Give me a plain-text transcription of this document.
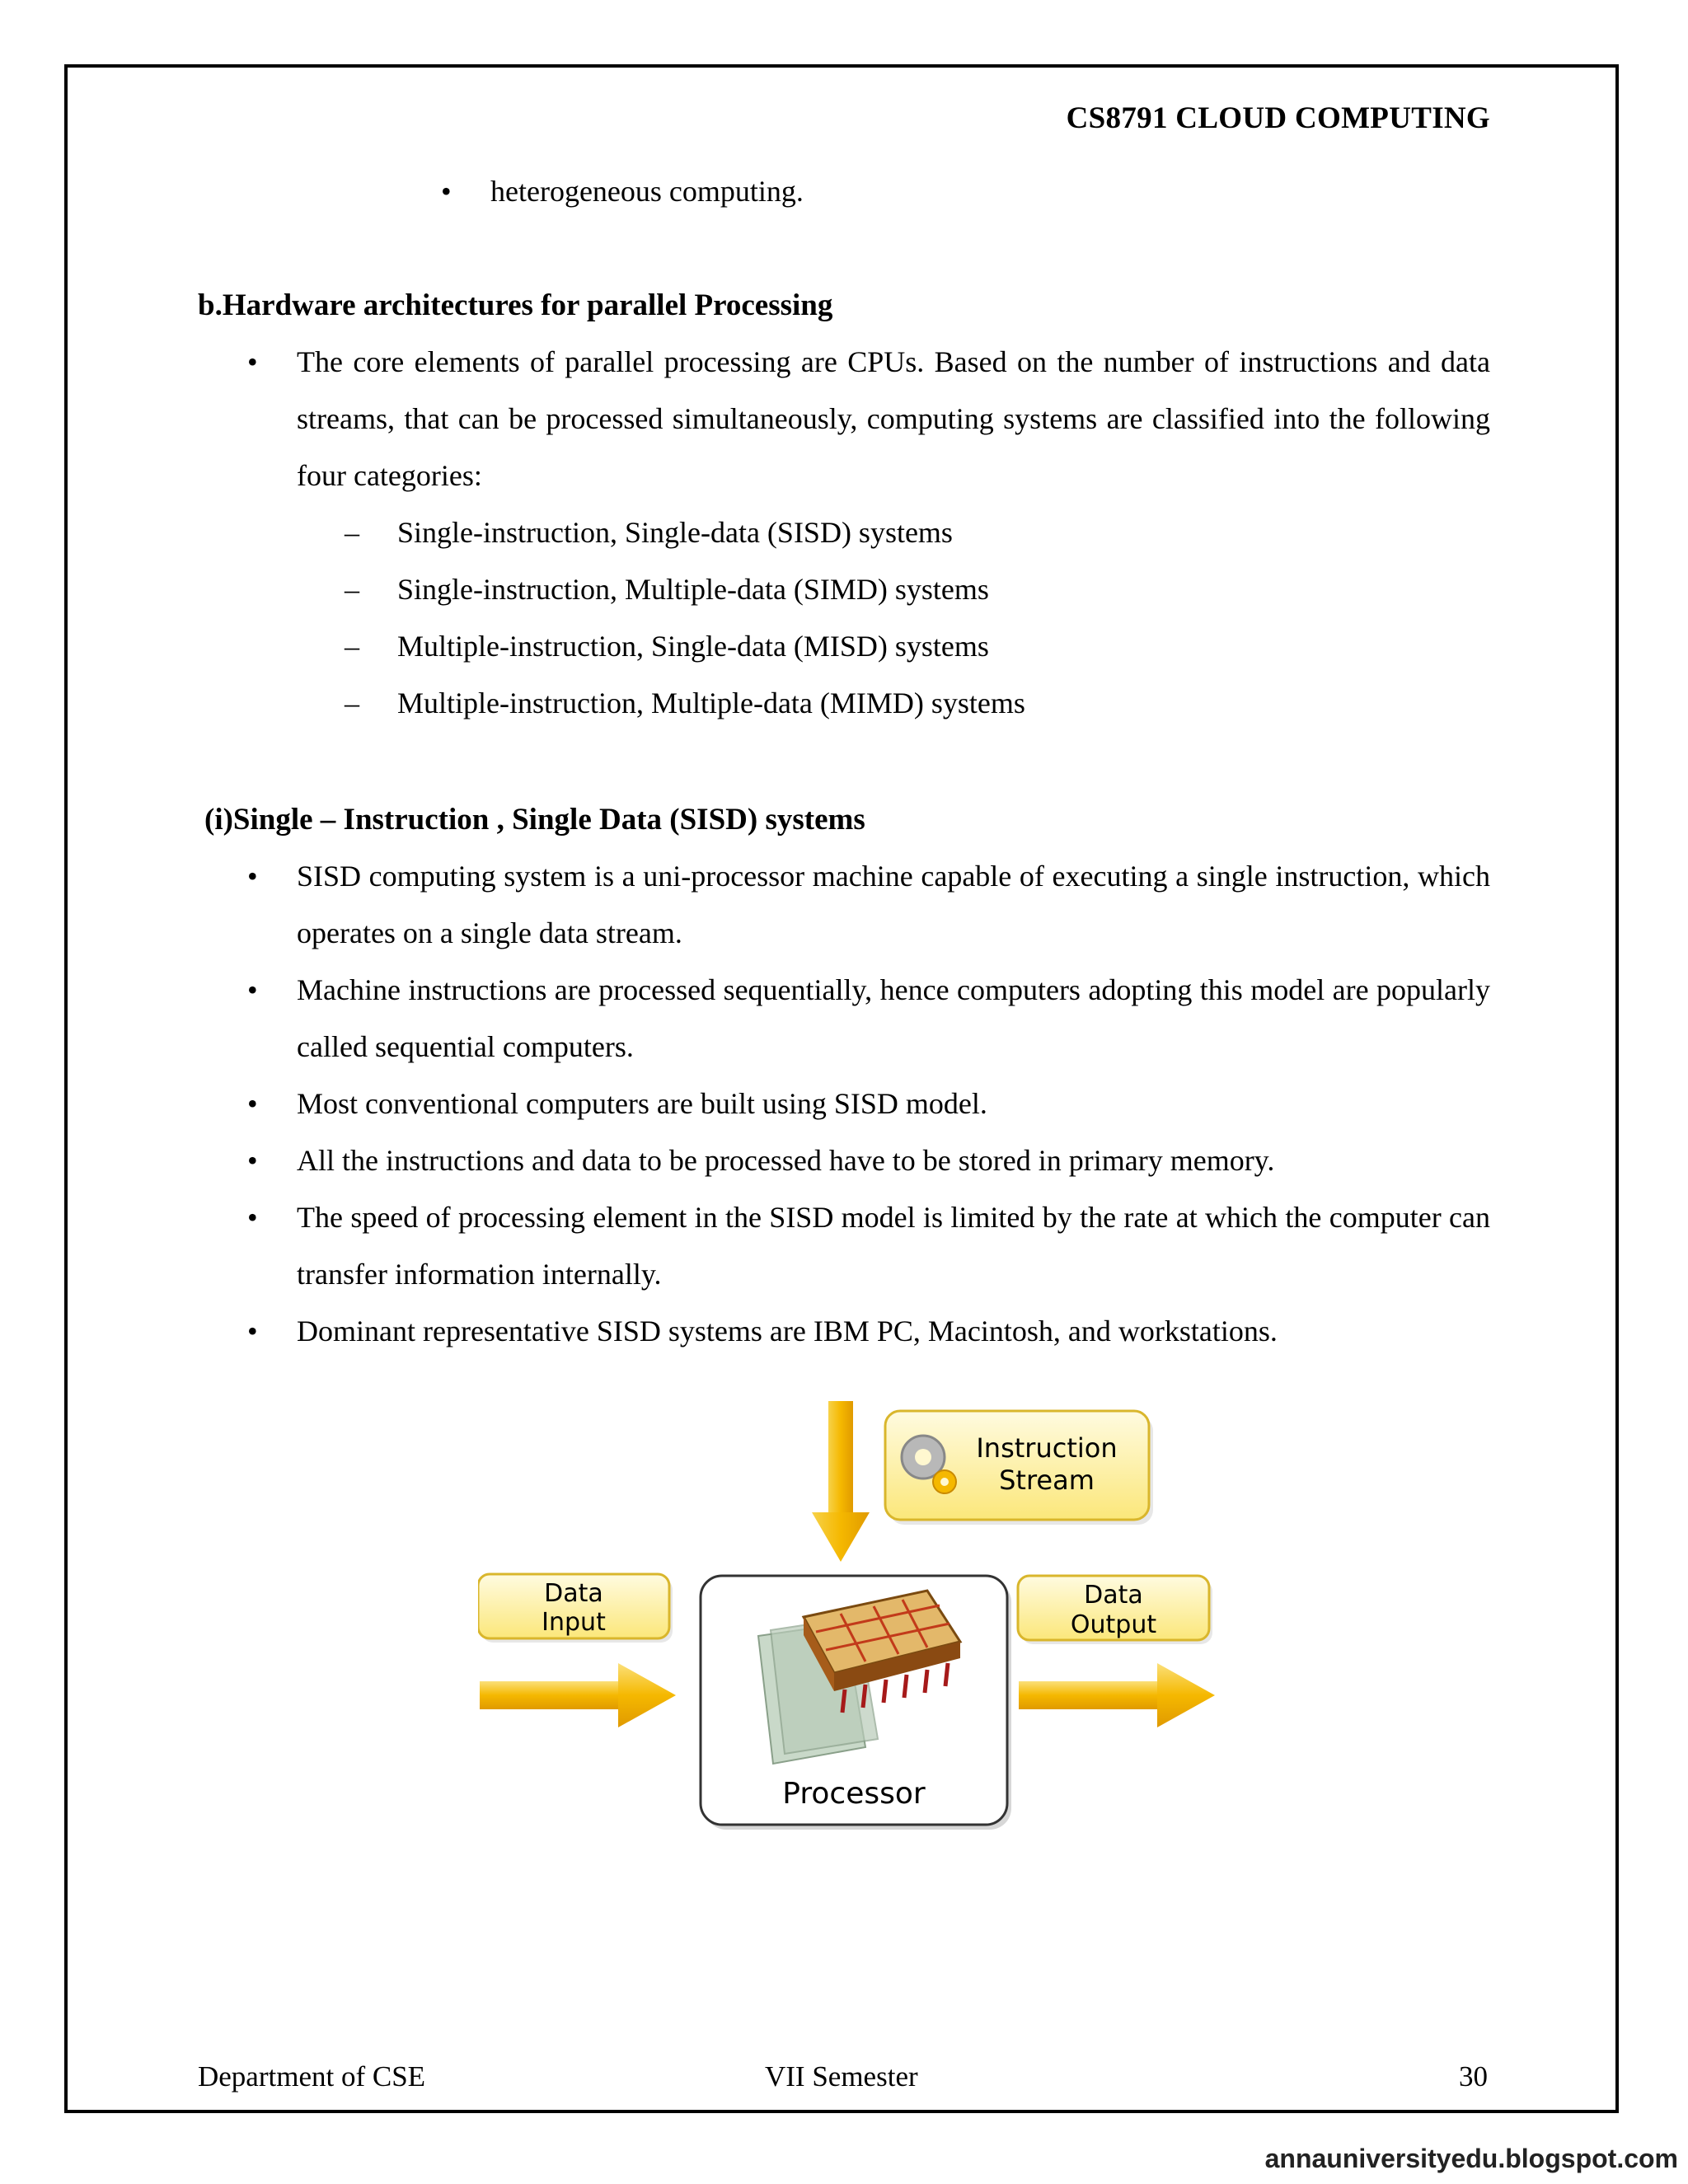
CS8791 CLOUD COMPUTING
• heterogeneous computing.
b.Hardware architectures for parallel Processing
• The core elements of parallel processing are CPUs. Based on the number of instructions and data streams, that can be processed simultaneously, computing systems are classified into the following four categories:
– Single-instruction, Single-data (SISD) systems
– Single-instruction, Multiple-data (SIMD) systems
– Multiple-instruction, Single-data (MISD) systems
– Multiple-instruction, Multiple-data (MIMD) systems
(i)Single – Instruction , Single Data (SISD) systems
• SISD computing system is a uni-processor machine capable of executing a single instruction, which operates on a single data stream.
• Machine instructions are processed sequentially, hence computers adopting this model are popularly called sequential computers.
• Most conventional computers are built using SISD model.
• All the instructions and data to be processed have to be stored in primary memory.
• The speed of processing element in the SISD model is limited by the rate at which the computer can transfer information internally.
• Dominant representative SISD systems are IBM PC, Macintosh, and workstations.
Instruction
Stream
Data
Input
Processor
Data
Output
Department of CSE	VII Semester	30
annauniversityedu.blogspot.com
